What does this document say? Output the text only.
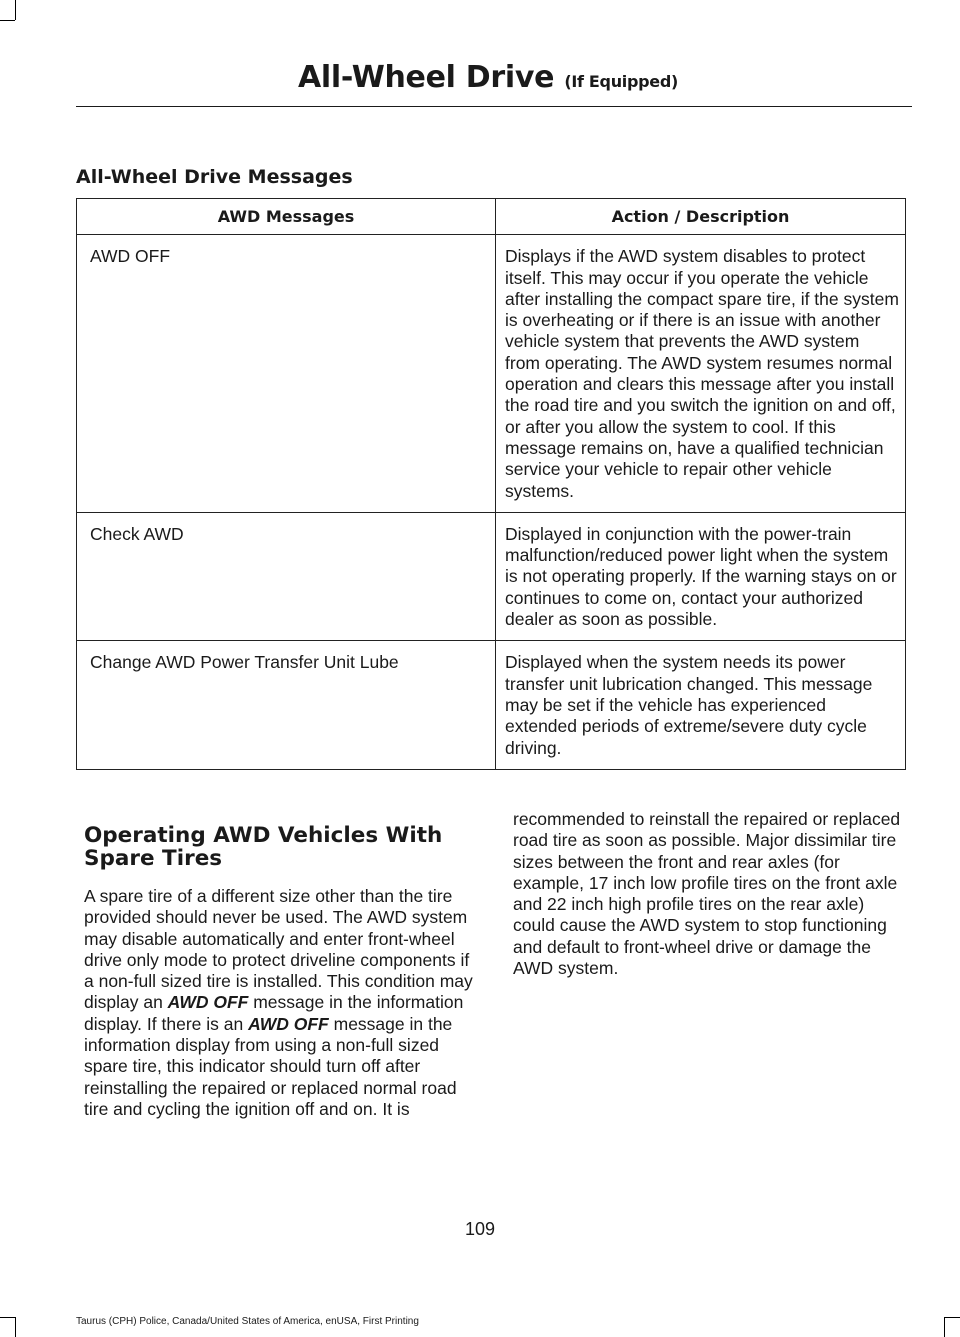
All-Wheel Drive (If Equipped)
All-Wheel Drive Messages
AWD Messages	Action / Description
AWD OFF	Displays if the AWD system disables to protect itself. This may occur if you operate the vehicle after installing the compact spare tire, if the system is overheating or if there is an issue with another vehicle system that prevents the AWD system from operating. The AWD system resumes normal operation and clears this message after you install the road tire and you switch the ignition on and off, or after you allow the system to cool. If this message remains on, have a qualified technician service your vehicle to repair other vehicle systems.
Check AWD	Displayed in conjunction with the power-train malfunction/reduced power light when the system is not operating properly. If the warning stays on or continues to come on, contact your authorized dealer as soon as possible.
Change AWD Power Transfer Unit Lube	Displayed when the system needs its power transfer unit lubrication changed. This message may be set if the vehicle has experienced extended periods of extreme/severe duty cycle driving.
Operating AWD Vehicles With Spare Tires

A spare tire of a different size other than the tire provided should never be used. The AWD system may disable automatically and enter front-wheel drive only mode to protect driveline components if a non-full sized tire is installed. This condition may display an AWD OFF message in the information display. If there is an AWD OFF message in the information display from using a non-full sized spare tire, this indicator should turn off after reinstalling the repaired or replaced normal road tire and cycling the ignition off and on. It is

recommended to reinstall the repaired or replaced road tire as soon as possible. Major dissimilar tire sizes between the front and rear axles (for example, 17 inch low profile tires on the front axle and 22 inch high profile tires on the rear axle) could cause the AWD system to stop functioning and default to front-wheel drive or damage the AWD system.

109
Taurus (CPH) Police, Canada/United States of America, enUSA, First Printing
